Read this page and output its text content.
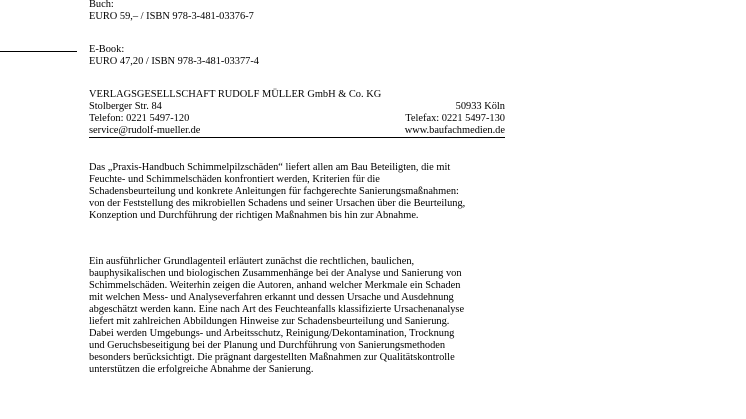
Buch:
EURO 59,– / ISBN 978-3-481-03376-7
E-Book:
EURO 47,20 / ISBN 978-3-481-03377-4
VERLAGSGESELLSCHAFT RUDOLF MÜLLER GmbH & Co. KG
Stolberger Str. 84	50933 Köln
Telefon: 0221 5497-120	Telefax: 0221 5497-130
service@rudolf-mueller.de	www.baufachmedien.de
Das „Praxis-Handbuch Schimmelpilzschäden“ liefert allen am Bau Beteiligten, die mit
Feuchte- und Schimmelschäden konfrontiert werden, Kriterien für die
Schadensbeurteilung und konkrete Anleitungen für fachgerechte Sanierungsmaßnahmen:
von der Feststellung des mikrobiellen Schadens und seiner Ursachen über die Beurteilung,
Konzeption und Durchführung der richtigen Maßnahmen bis hin zur Abnahme.
Ein ausführlicher Grundlagenteil erläutert zunächst die rechtlichen, baulichen,
bauphysikalischen und biologischen Zusammenhänge bei der Analyse und Sanierung von
Schimmelschäden. Weiterhin zeigen die Autoren, anhand welcher Merkmale ein Schaden
mit welchen Mess- und Analyseverfahren erkannt und dessen Ursache und Ausdehnung
abgeschätzt werden kann. Eine nach Art des Feuchteanfalls klassifizierte Ursachenanalyse
liefert mit zahlreichen Abbildungen Hinweise zur Schadensbeurteilung und Sanierung.
Dabei werden Umgebungs- und Arbeitsschutz, Reinigung/Dekontamination, Trocknung
und Geruchsbeseitigung bei der Planung und Durchführung von Sanierungsmethoden
besonders berücksichtigt. Die prägnant dargestellten Maßnahmen zur Qualitätskontrolle
unterstützen die erfolgreiche Abnahme der Sanierung.
